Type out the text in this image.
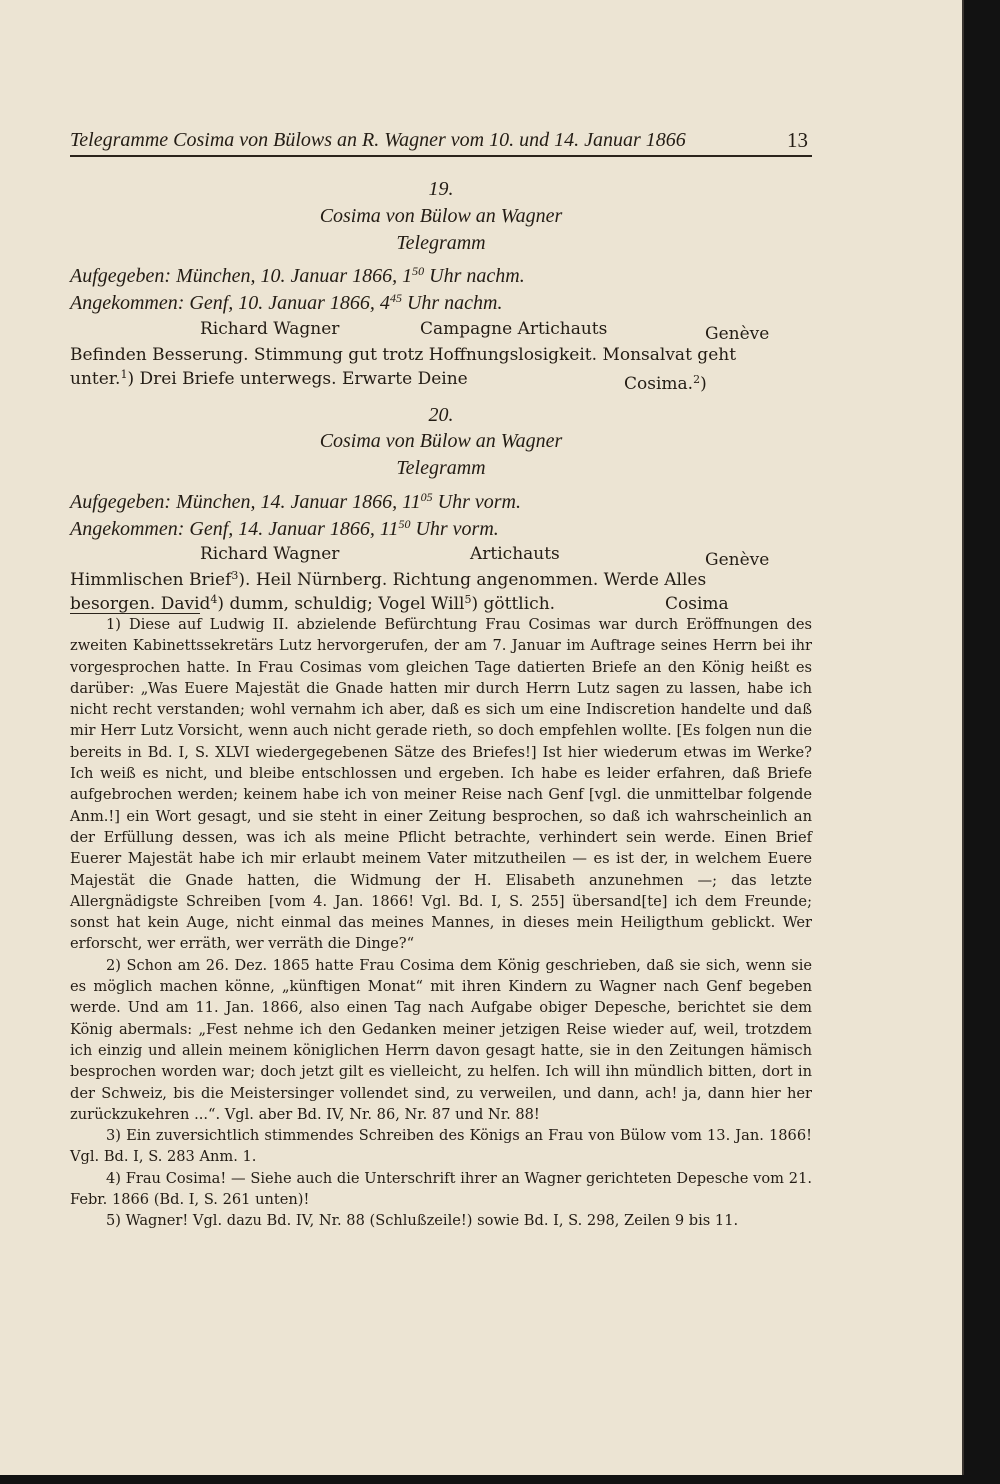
Telegramme Cosima von Bülows an R. Wagner vom 10. und 14. Januar 1866	13
19.
Cosima von Bülow an Wagner
Telegramm
Aufgegeben: München, 10. Januar 1866, $1^{50}$ Uhr nachm.
Angekommen: Genf, 10. Januar 1866, $4^{45}$ Uhr nachm.
Richard Wagner	Campagne Artichauts	Genève
Befinden Besserung. Stimmung gut trotz Hoffnungslosigkeit. Monsalvat geht
unter.$^1$) Drei Briefe unterwegs. Erwarte Deine	Cosima.$^2$)
20.
Cosima von Bülow an Wagner
Telegramm
Aufgegeben: München, 14. Januar 1866, $11^{05}$ Uhr vorm.
Angekommen: Genf, 14. Januar 1866, $11^{50}$ Uhr vorm.
Richard Wagner	Artichauts	Genève
Himmlischen Brief$^3$). Heil Nürnberg. Richtung angenommen. Werde Alles
besorgen. David$^4$) dumm, schuldig; Vogel Will$^5$) göttlich.	Cosima

1) Diese auf Ludwig II. abzielende Befürchtung Frau Cosimas war durch Eröffnungen des zweiten Kabinettssekretärs Lutz hervorgerufen, der am 7. Januar im Auftrage seines Herrn bei ihr vorgesprochen hatte. In Frau Cosimas vom gleichen Tage datierten Briefe an den König heißt es darüber: „Was Euere Majestät die Gnade hatten mir durch Herrn Lutz sagen zu lassen, habe ich nicht recht verstanden; wohl vernahm ich aber, daß es sich um eine Indiscretion handelte und daß mir Herr Lutz Vorsicht, wenn auch nicht gerade rieth, so doch empfehlen wollte. [Es folgen nun die bereits in Bd. I, S. XLVI wiedergegebenen Sätze des Briefes!] Ist hier wiederum etwas im Werke? Ich weiß es nicht, und bleibe entschlossen und ergeben. Ich habe es leider erfahren, daß Briefe aufgebrochen werden; keinem habe ich von meiner Reise nach Genf [vgl. die unmittelbar folgende Anm.!] ein Wort gesagt, und sie steht in einer Zeitung besprochen, so daß ich wahrscheinlich an der Erfüllung dessen, was ich als meine Pflicht betrachte, verhindert sein werde. Einen Brief Euerer Majestät habe ich mir erlaubt meinem Vater mitzutheilen — es ist der, in welchem Euere Majestät die Gnade hatten, die Widmung der H. Elisabeth anzunehmen —; das letzte Allergnädigste Schreiben [vom 4. Jan. 1866! Vgl. Bd. I, S. 255] übersand[te] ich dem Freunde; sonst hat kein Auge, nicht einmal das meines Mannes, in dieses mein Heiligthum geblickt. Wer erforscht, wer erräth, wer verräth die Dinge?“

2) Schon am 26. Dez. 1865 hatte Frau Cosima dem König geschrieben, daß sie sich, wenn sie es möglich machen könne, „künftigen Monat“ mit ihren Kindern zu Wagner nach Genf begeben werde. Und am 11. Jan. 1866, also einen Tag nach Aufgabe obiger Depesche, berichtet sie dem König abermals: „Fest nehme ich den Gedanken meiner jetzigen Reise wieder auf, weil, trotzdem ich einzig und allein meinem königlichen Herrn davon gesagt hatte, sie in den Zeitungen hämisch besprochen worden war; doch jetzt gilt es vielleicht, zu helfen. Ich will ihn mündlich bitten, dort in der Schweiz, bis die Meistersinger vollendet sind, zu verweilen, und dann, ach! ja, dann hier her zurückzukehren ...“. Vgl. aber Bd. IV, Nr. 86, Nr. 87 und Nr. 88!

3) Ein zuversichtlich stimmendes Schreiben des Königs an Frau von Bülow vom 13. Jan. 1866! Vgl. Bd. I, S. 283 Anm. 1.

4) Frau Cosima! — Siehe auch die Unterschrift ihrer an Wagner gerichteten Depesche vom 21. Febr. 1866 (Bd. I, S. 261 unten)!

5) Wagner! Vgl. dazu Bd. IV, Nr. 88 (Schlußzeile!) sowie Bd. I, S. 298, Zeilen 9 bis 11.
